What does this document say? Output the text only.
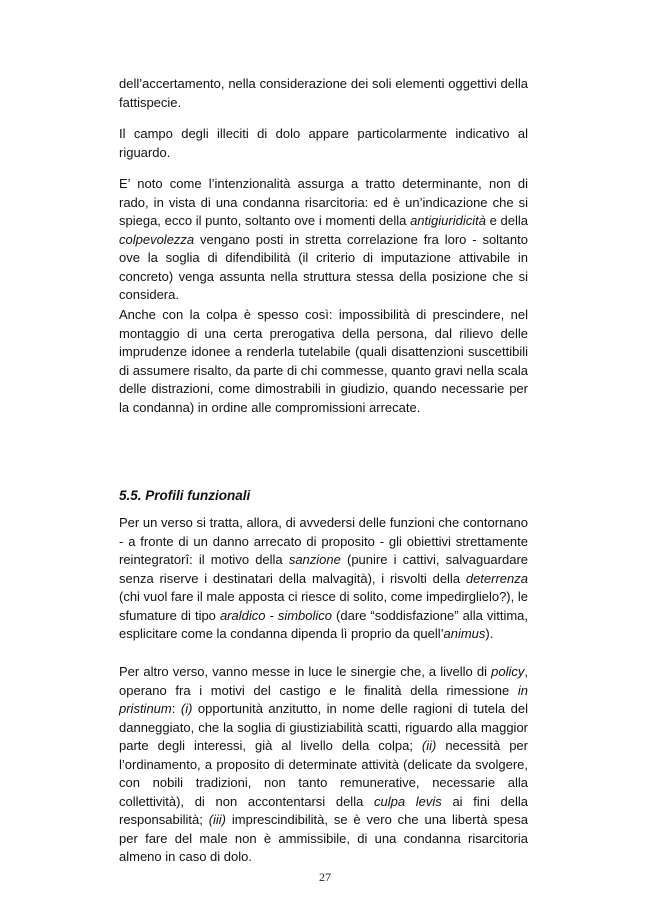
dell’accertamento, nella considerazione dei soli elementi oggettivi della fattispecie.

Il campo degli illeciti di dolo appare particolarmente indicativo al riguardo.

E’ noto come l’intenzionalità assurga a tratto determinante, non di rado, in vista di una condanna risarcitoria: ed è un’indicazione che si spiega, ecco il punto, soltanto ove i momenti della antigiuridicità e della colpevolezza vengano posti in stretta correlazione fra loro - soltanto ove la soglia di difendibilità (il criterio di imputazione attivabile in concreto) venga assunta nella struttura stessa della posizione che si considera.

Anche con la colpa è spesso così: impossibilità di prescindere, nel montaggio di una certa prerogativa della persona, dal rilievo delle imprudenze idonee a renderla tutelabile (quali disattenzioni suscettibili di assumere risalto, da parte di chi commesse, quanto gravi nella scala delle distrazioni, come dimostrabili in giudizio, quando necessarie per la condanna) in ordine alle compromissioni arrecate.

5.5. Profili funzionali

Per un verso si tratta, allora, di avvedersi delle funzioni che contornano - a fronte di un danno arrecato di proposito - gli obiettivi strettamente reintegratorî: il motivo della sanzione (punire i cattivi, salvaguardare senza riserve i destinatari della malvagità), i risvolti della deterrenza (chi vuol fare il male apposta ci riesce di solito, come impedirglielo?), le sfumature di tipo araldico - simbolico (dare “soddisfazione” alla vittima, esplicitare come la condanna dipenda lì proprio da quell’animus).

Per altro verso, vanno messe in luce le sinergie che, a livello di policy, operano fra i motivi del castigo e le finalità della rimessione in pristinum: (i) opportunità anzitutto, in nome delle ragioni di tutela del danneggiato, che la soglia di giustiziabilità scatti, riguardo alla maggior parte degli interessi, già al livello della colpa; (ii) necessità per l’ordinamento, a proposito di determinate attività (delicate da svolgere, con nobili tradizioni, non tanto remunerative, necessarie alla collettività), di non accontentarsi della culpa levis ai fini della responsabilità; (iii) imprescindibilità, se è vero che una libertà spesa per fare del male non è ammissibile, di una condanna risarcitoria almeno in caso di dolo.

27
